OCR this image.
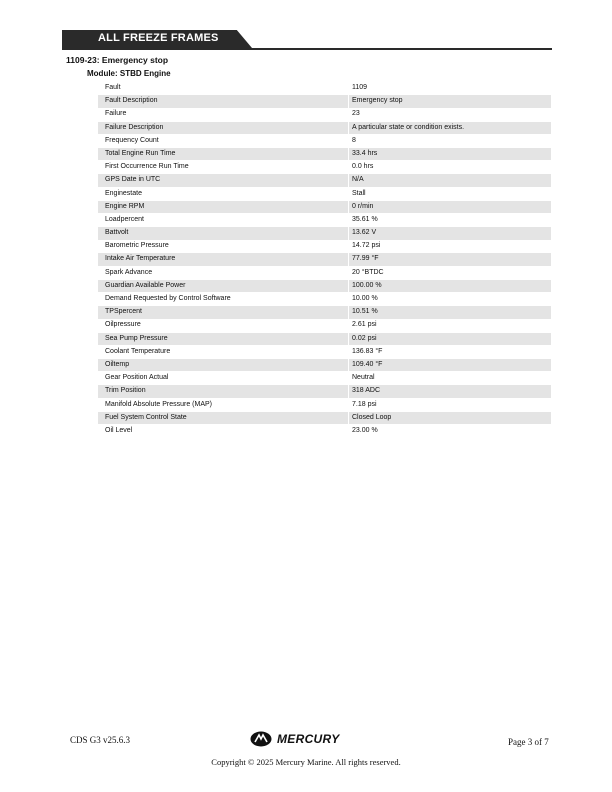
ALL FREEZE FRAMES
1109-23: Emergency stop
Module: STBD Engine
Fault	1109
Fault Description	Emergency stop
Failure	23
Failure Description	A particular state or condition exists.
Frequency Count	8
Total Engine Run Time	33.4 hrs
First Occurrence Run Time	0.0 hrs
GPS Date in UTC	N/A
Enginestate	Stall
Engine RPM	0 r/min
Loadpercent	35.61 %
Battvolt	13.62 V
Barometric Pressure	14.72 psi
Intake Air Temperature	77.99 °F
Spark Advance	20 °BTDC
Guardian Available Power	100.00 %
Demand Requested by Control Software	10.00 %
TPSpercent	10.51 %
Oilpressure	2.61 psi
Sea Pump Pressure	0.02 psi
Coolant Temperature	136.83 °F
Oiltemp	109.40 °F
Gear Position Actual	Neutral
Trim Position	318 ADC
Manifold Absolute Pressure (MAP)	7.18 psi
Fuel System Control State	Closed Loop
Oil Level	23.00 %
CDS G3 v25.6.3	MERCURY	Page 3 of 7
Copyright © 2025 Mercury Marine. All rights reserved.
